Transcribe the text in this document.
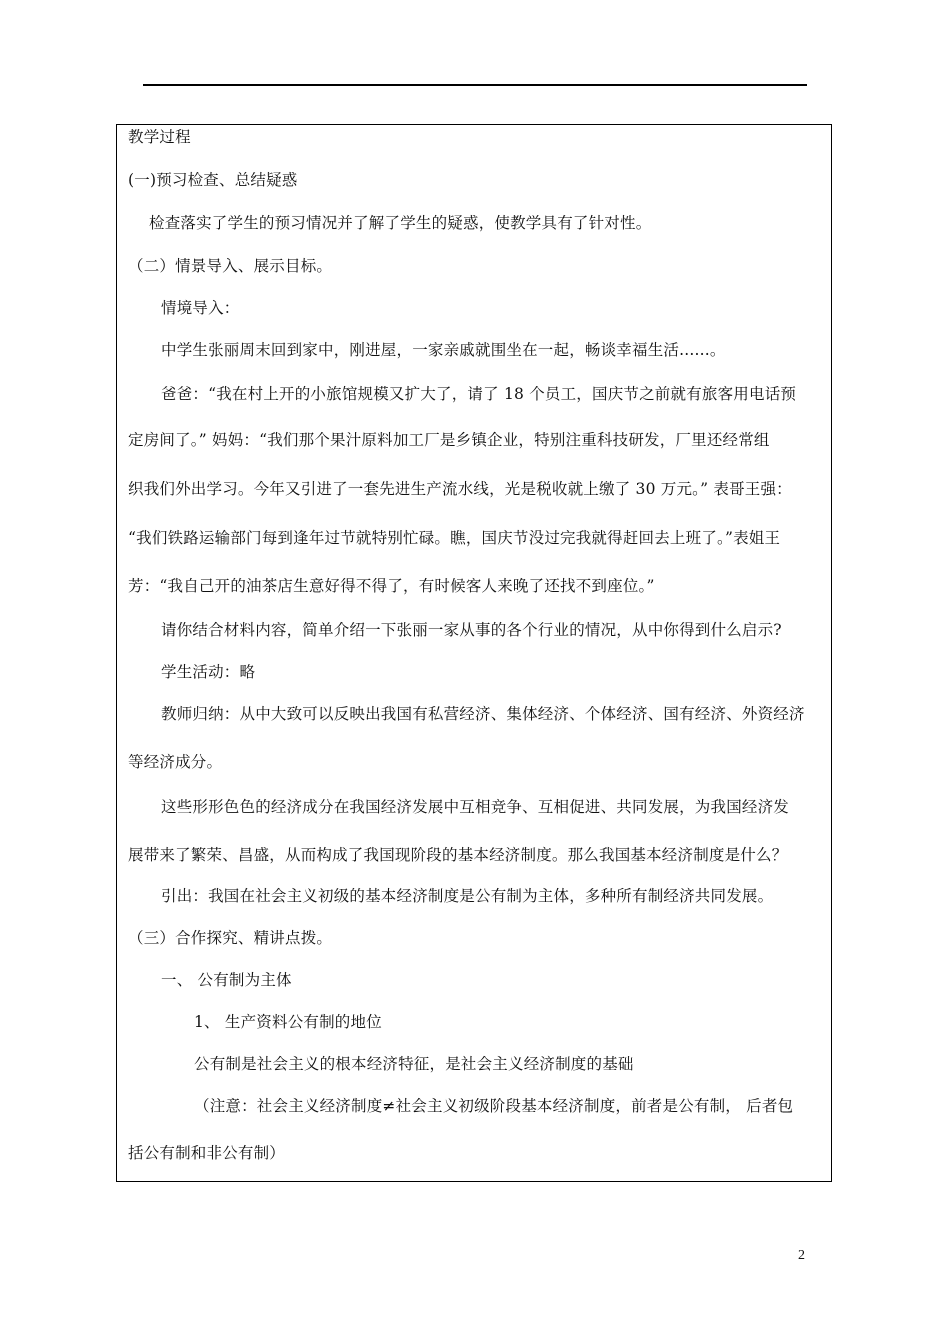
教学过程
(一)预习检查、总结疑惑
检查落实了学生的预习情况并了解了学生的疑惑，使教学具有了针对性。
（二）情景导入、展示目标。
情境导入：
中学生张丽周末回到家中，刚进屋，一家亲戚就围坐在一起，畅谈幸福生活......。
爸爸：“我在村上开的小旅馆规模又扩大了，请了 18 个员工，国庆节之前就有旅客用电话预
定房间了。” 妈妈：“我们那个果汁原料加工厂是乡镇企业，特别注重科技研发，厂里还经常组
织我们外出学习。今年又引进了一套先进生产流水线，光是税收就上缴了 30 万元。” 表哥王强：
“我们铁路运输部门每到逢年过节就特别忙碌。瞧，国庆节没过完我就得赶回去上班了。”表姐王
芳：“我自己开的油茶店生意好得不得了，有时候客人来晚了还找不到座位。”
请你结合材料内容，简单介绍一下张丽一家从事的各个行业的情况，从中你得到什么启示?
学生活动：略
教师归纳：从中大致可以反映出我国有私营经济、集体经济、个体经济、国有经济、外资经济
等经济成分。
这些形形色色的经济成分在我国经济发展中互相竞争、互相促进、共同发展，为我国经济发
展带来了繁荣、昌盛，从而构成了我国现阶段的基本经济制度。那么我国基本经济制度是什么？
引出：我国在社会主义初级的基本经济制度是公有制为主体，多种所有制经济共同发展。
（三）合作探究、精讲点拨。
一、 公有制为主体
1、 生产资料公有制的地位
公有制是社会主义的根本经济特征，是社会主义经济制度的基础
（注意：社会主义经济制度≠社会主义初级阶段基本经济制度，前者是公有制， 后者包
括公有制和非公有制）
2
